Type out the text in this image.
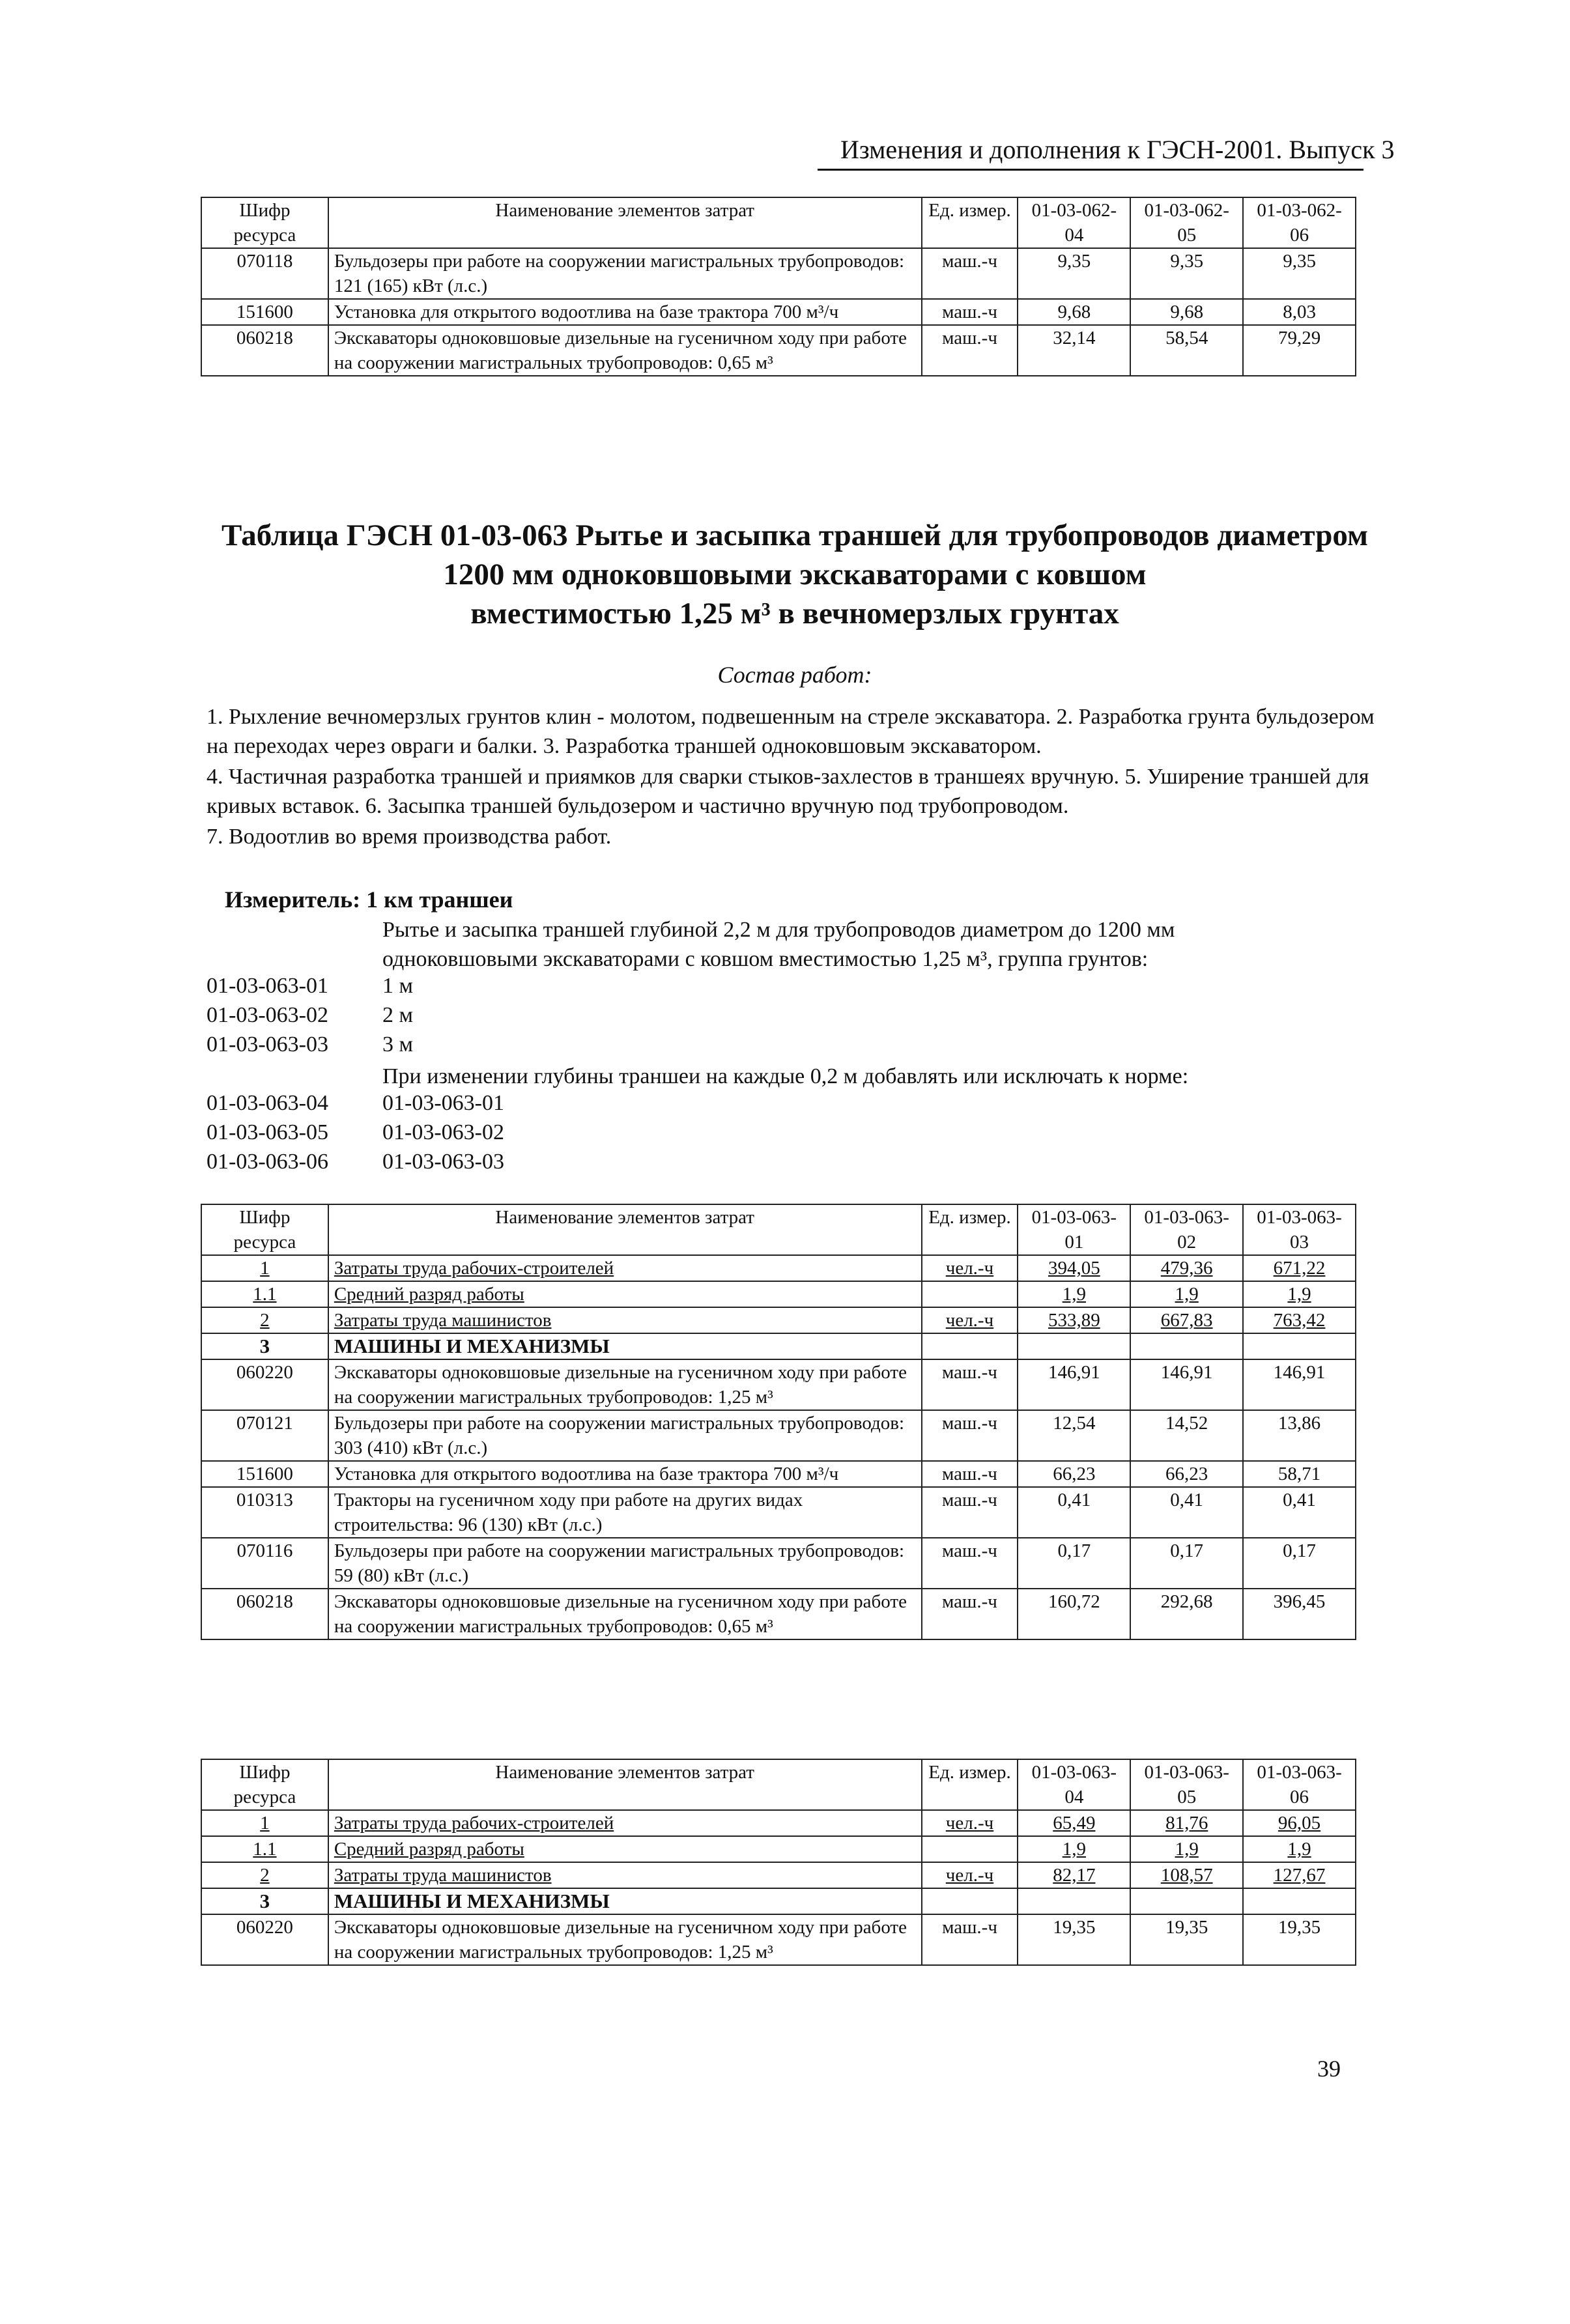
Изменения и дополнения к ГЭСН-2001. Выпуск 3
Шифр ресурса	Наименование элементов затрат	Ед. измер.	01-03-062-04	01-03-062-05	01-03-062-06
070118	Бульдозеры при работе на сооружении магистральных трубопроводов: 121 (165) кВт (л.с.)	маш.-ч	9,35	9,35	9,35
151600	Установка для открытого водоотлива на базе трактора 700 м³/ч	маш.-ч	9,68	9,68	8,03
060218	Экскаваторы одноковшовые дизельные на гусеничном ходу при работе на сооружении магистральных трубопроводов: 0,65 м³	маш.-ч	32,14	58,54	79,29
Таблица ГЭСН 01-03-063 Рытье и засыпка траншей для трубопроводов диаметром
1200 мм одноковшовыми экскаваторами с ковшом
вместимостью 1,25 м³ в вечномерзлых грунтах
Состав работ:
1. Рыхление вечномерзлых грунтов клин - молотом, подвешенным на стреле экскаватора. 2. Разработка грунта бульдозером на переходах через овраги и балки. 3. Разработка траншей одноковшовым экскаватором.
4. Частичная разработка траншей и приямков для сварки стыков-захлестов в траншеях вручную. 5. Уширение траншей для кривых вставок. 6. Засыпка траншей бульдозером и частично вручную под трубопроводом.
7. Водоотлив во время производства работ.
Измеритель: 1 км траншеи
Рытье и засыпка траншей глубиной 2,2 м для трубопроводов диаметром до 1200 мм одноковшовыми экскаваторами с ковшом вместимостью 1,25 м³, группа грунтов:
01-03-063-01 1 м
01-03-063-02 2 м
01-03-063-03 3 м
При изменении глубины траншеи на каждые 0,2 м добавлять или исключать к норме:
01-03-063-04 01-03-063-01
01-03-063-05 01-03-063-02
01-03-063-06 01-03-063-03
Шифр ресурса	Наименование элементов затрат	Ед. измер.	01-03-063-01	01-03-063-02	01-03-063-03
1	Затраты труда рабочих-строителей	чел.-ч	394,05	479,36	671,22
1.1	Средний разряд работы		1,9	1,9	1,9
2	Затраты труда машинистов	чел.-ч	533,89	667,83	763,42
3	МАШИНЫ И МЕХАНИЗМЫ				
060220	Экскаваторы одноковшовые дизельные на гусеничном ходу при работе на сооружении магистральных трубопроводов: 1,25 м³	маш.-ч	146,91	146,91	146,91
070121	Бульдозеры при работе на сооружении магистральных трубопроводов: 303 (410) кВт (л.с.)	маш.-ч	12,54	14,52	13,86
151600	Установка для открытого водоотлива на базе трактора 700 м³/ч	маш.-ч	66,23	66,23	58,71
010313	Тракторы на гусеничном ходу при работе на других видах строительства: 96 (130) кВт (л.с.)	маш.-ч	0,41	0,41	0,41
070116	Бульдозеры при работе на сооружении магистральных трубопроводов: 59 (80) кВт (л.с.)	маш.-ч	0,17	0,17	0,17
060218	Экскаваторы одноковшовые дизельные на гусеничном ходу при работе на сооружении магистральных трубопроводов: 0,65 м³	маш.-ч	160,72	292,68	396,45
Шифр ресурса	Наименование элементов затрат	Ед. измер.	01-03-063-04	01-03-063-05	01-03-063-06
1	Затраты труда рабочих-строителей	чел.-ч	65,49	81,76	96,05
1.1	Средний разряд работы		1,9	1,9	1,9
2	Затраты труда машинистов	чел.-ч	82,17	108,57	127,67
3	МАШИНЫ И МЕХАНИЗМЫ				
060220	Экскаваторы одноковшовые дизельные на гусеничном ходу при работе на сооружении магистральных трубопроводов: 1,25 м³	маш.-ч	19,35	19,35	19,35
39
